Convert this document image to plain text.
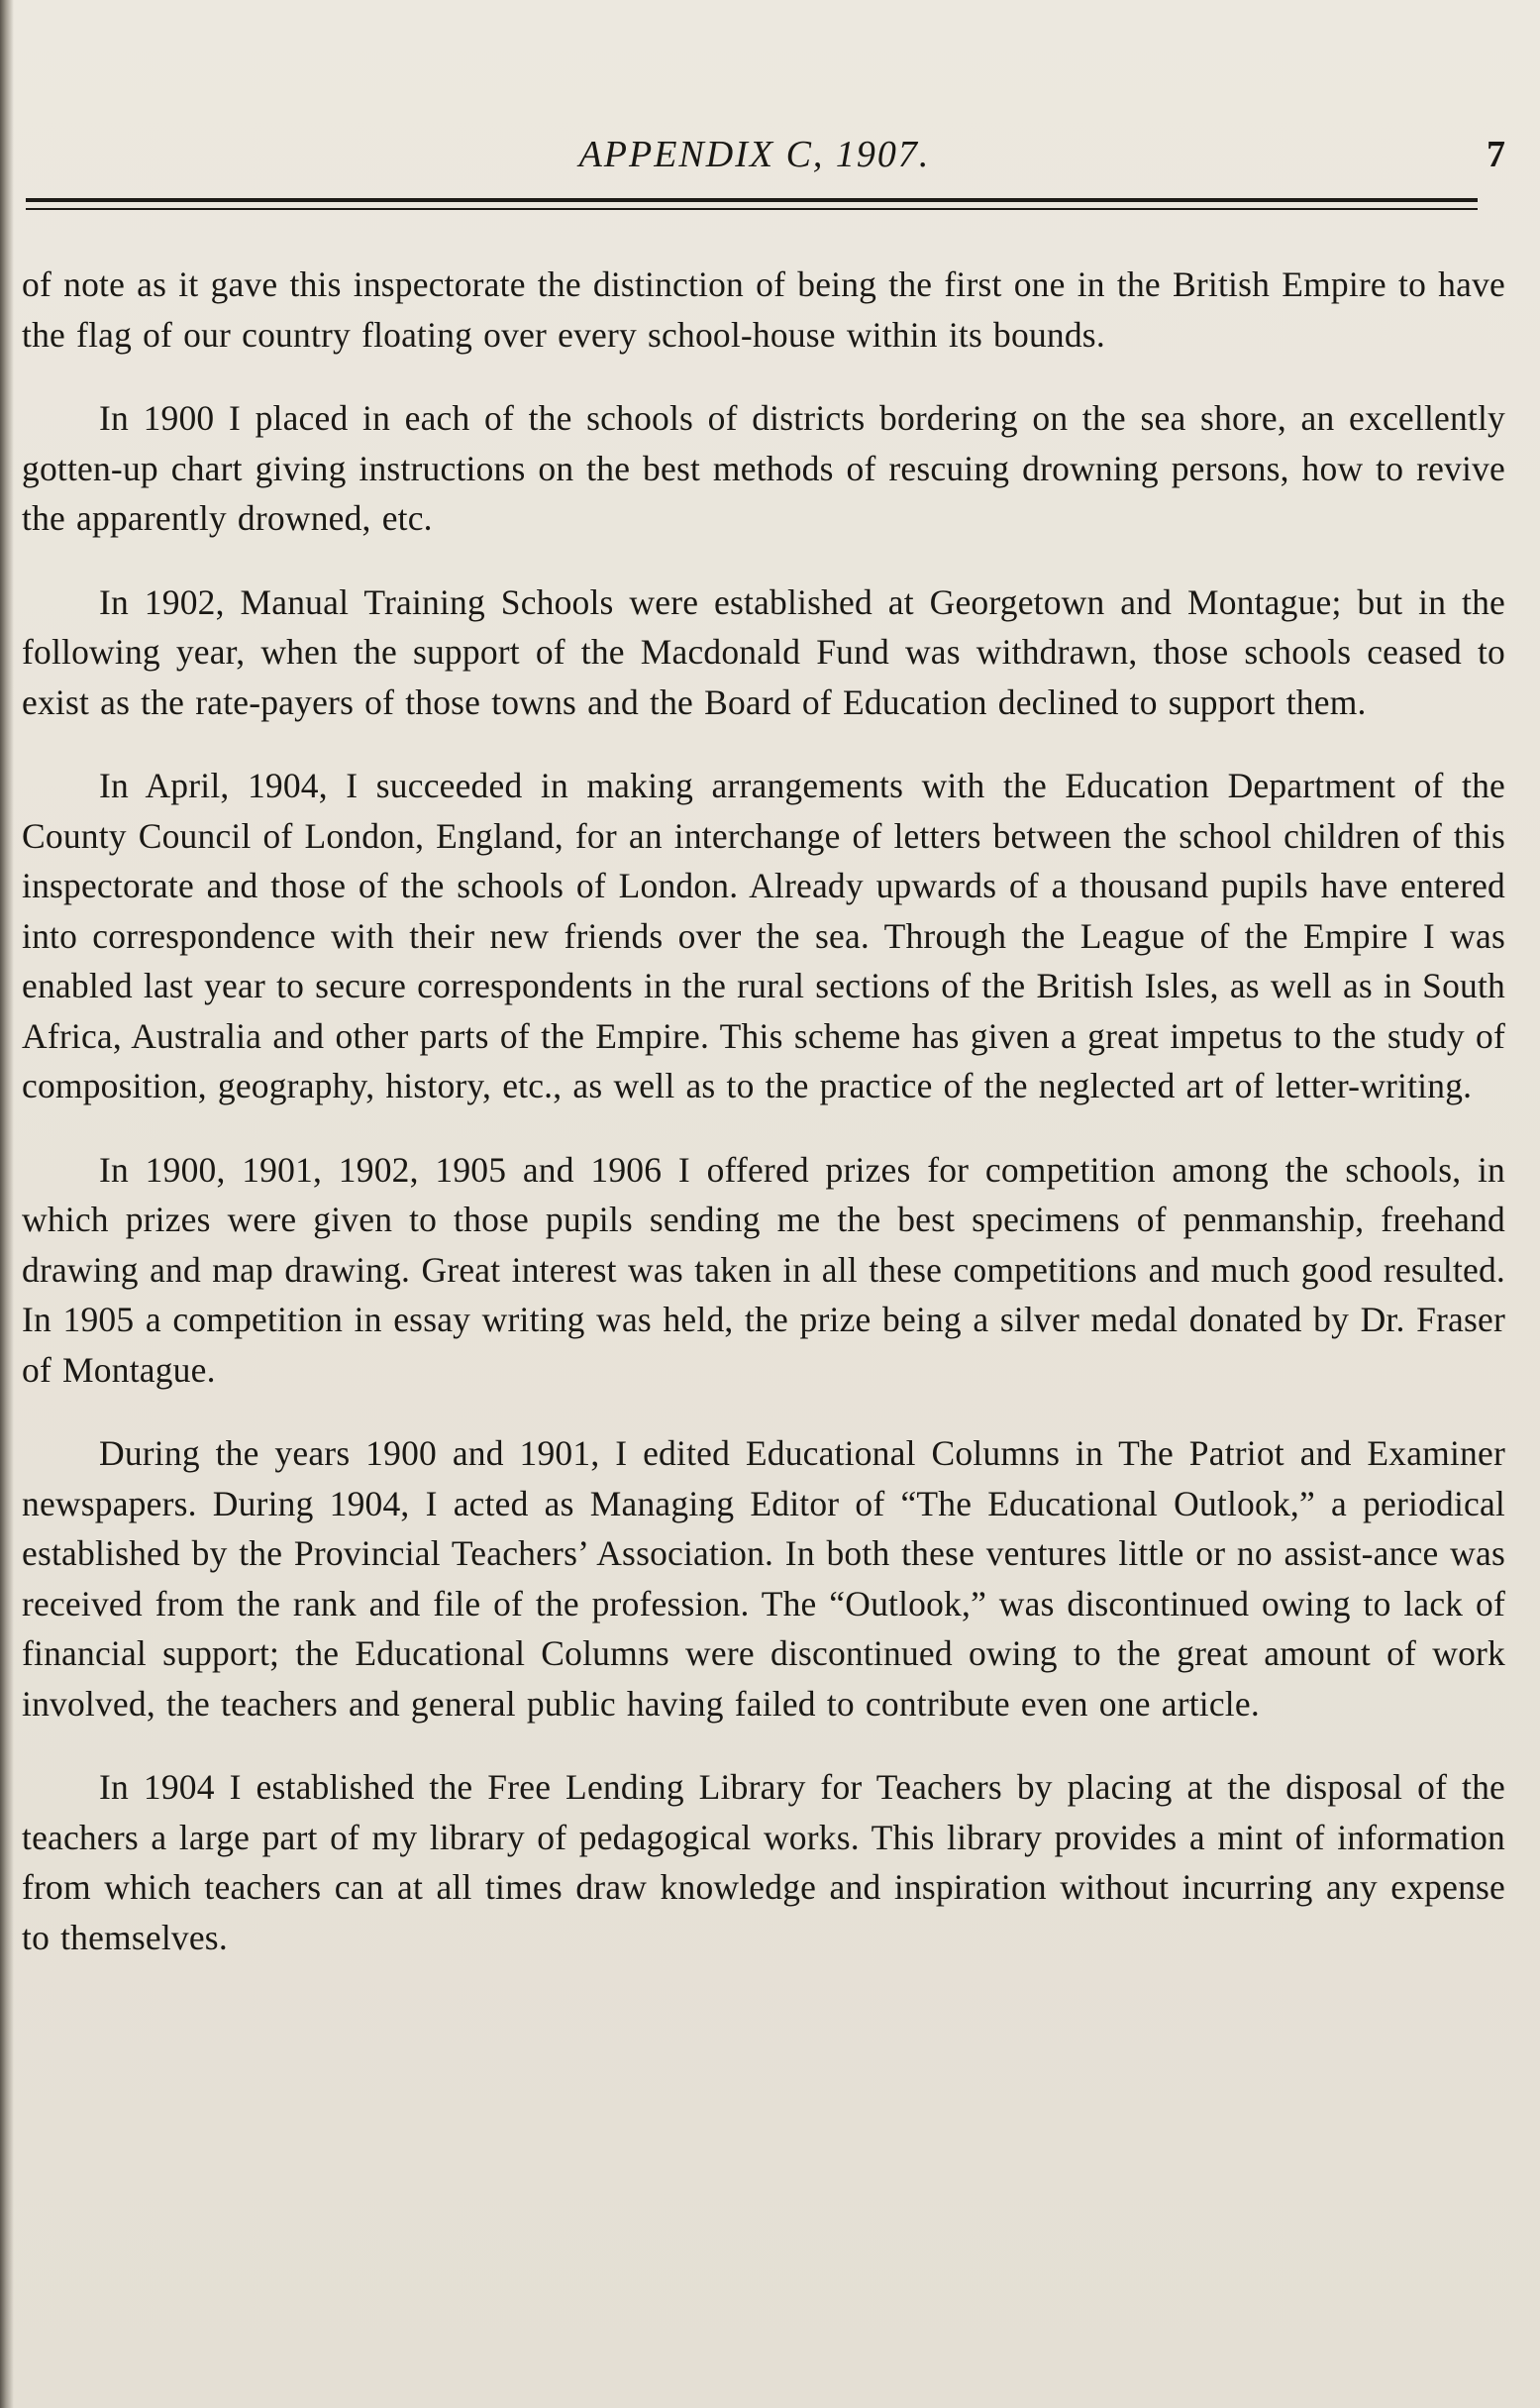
APPENDIX C, 1907.	7

of note as it gave this inspectorate the distinction of being the first one in the British Empire to have the flag of our country floating over every school-house within its bounds.

In 1900 I placed in each of the schools of districts bordering on the sea shore, an excellently gotten-up chart giving instructions on the best methods of rescuing drowning persons, how to revive the apparently drowned, etc.

In 1902, Manual Training Schools were established at Georgetown and Montague; but in the following year, when the support of the Macdonald Fund was withdrawn, those schools ceased to exist as the rate-payers of those towns and the Board of Education declined to support them.

In April, 1904, I succeeded in making arrangements with the Education Department of the County Council of London, England, for an interchange of letters between the school children of this inspectorate and those of the schools of London. Already upwards of a thousand pupils have entered into correspondence with their new friends over the sea. Through the League of the Empire I was enabled last year to secure correspondents in the rural sections of the British Isles, as well as in South Africa, Australia and other parts of the Empire. This scheme has given a great impetus to the study of composition, geography, history, etc., as well as to the practice of the neglected art of letter-writing.

In 1900, 1901, 1902, 1905 and 1906 I offered prizes for competition among the schools, in which prizes were given to those pupils sending me the best specimens of penmanship, freehand drawing and map drawing. Great interest was taken in all these competitions and much good resulted. In 1905 a competition in essay writing was held, the prize being a silver medal donated by Dr. Fraser of Montague.

During the years 1900 and 1901, I edited Educational Columns in The Patriot and Examiner newspapers. During 1904, I acted as Managing Editor of “The Educational Outlook,” a periodical established by the Provincial Teachers’ Association. In both these ventures little or no assist-ance was received from the rank and file of the profession. The “Outlook,” was discontinued owing to lack of financial support; the Educational Columns were discontinued owing to the great amount of work involved, the teachers and general public having failed to contribute even one article.

In 1904 I established the Free Lending Library for Teachers by placing at the disposal of the teachers a large part of my library of pedagogical works. This library provides a mint of information from which teachers can at all times draw knowledge and inspiration without incurring any expense to themselves.
